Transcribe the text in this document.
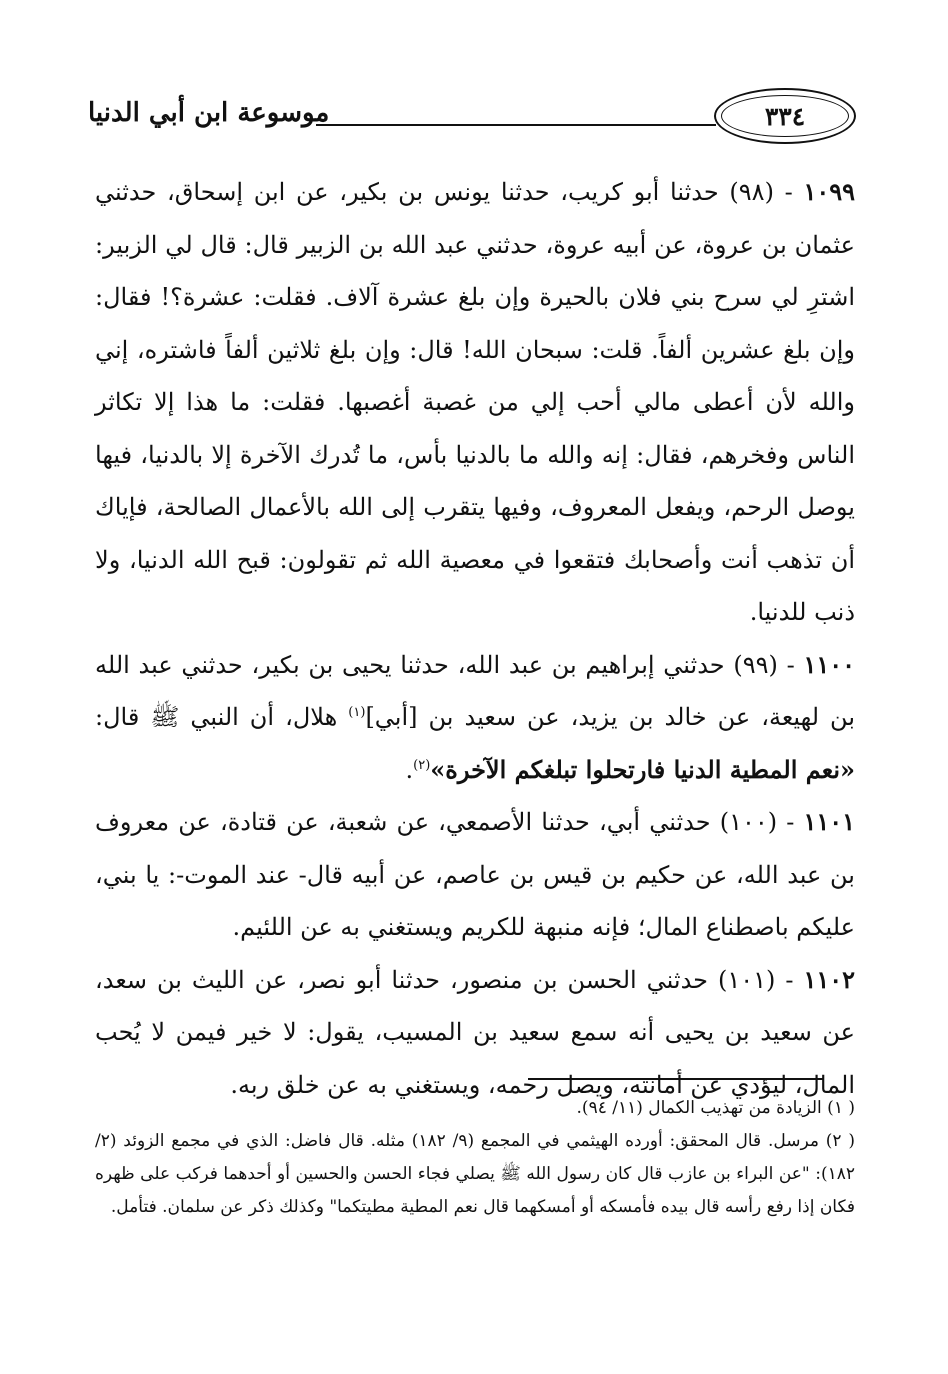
موسوعة ابن أبي الدنيا	٣٣٤

١٠٩٩ - (٩٨) حدثنا أبو كريب، حدثنا يونس بن بكير، عن ابن إسحاق، حدثني عثمان بن عروة، عن أبيه عروة، حدثني عبد الله بن الزبير قال: قال لي الزبير: اشترِ لي سرح بني فلان بالحيرة وإن بلغ عشرة آلاف. فقلت: عشرة؟! فقال: وإن بلغ عشرين ألفاً. قلت: سبحان الله! قال: وإن بلغ ثلاثين ألفاً فاشتره، إني والله لأن أعطى مالي أحب إلي من غصبة أغصبها. فقلت: ما هذا إلا تكاثر الناس وفخرهم، فقال: إنه والله ما بالدنيا بأس، ما تُدرك الآخرة إلا بالدنيا، فيها يوصل الرحم، ويفعل المعروف، وفيها يتقرب إلى الله بالأعمال الصالحة، فإياك أن تذهب أنت وأصحابك فتقعوا في معصية الله ثم تقولون: قبح الله الدنيا، ولا ذنب للدنيا.

١١٠٠ - (٩٩) حدثني إبراهيم بن عبد الله، حدثنا يحيى بن بكير، حدثني عبد الله بن لهيعة، عن خالد بن يزيد، عن سعيد بن [أبي]$^{(١)}$ هلال، أن النبي ﷺ قال: «نعم المطية الدنيا فارتحلوا تبلغكم الآخرة»$^{(٢)}$.

١١٠١ - (١٠٠) حدثني أبي، حدثنا الأصمعي، عن شعبة، عن قتادة، عن معروف بن عبد الله، عن حكيم بن قيس بن عاصم، عن أبيه قال- عند الموت-: يا بني، عليكم باصطناع المال؛ فإنه منبهة للكريم ويستغني به عن اللئيم.

١١٠٢ - (١٠١) حدثني الحسن بن منصور، حدثنا أبو نصر، عن الليث بن سعد، عن سعيد بن يحيى أنه سمع سعيد بن المسيب، يقول: لا خير فيمن لا يُحب المال، ليؤدي عن أمانته، ويصل رحمه، ويستغني به عن خلق ربه.

( ١) الزيادة من تهذيب الكمال (١١/ ٩٤).

( ٢) مرسل. قال المحقق: أورده الهيثمي في المجمع (٩/ ١٨٢) مثله. قال فاضل: الذي في مجمع الزوئد (٢/ ١٨٢): "عن البراء بن عازب قال كان رسول الله ﷺ يصلي فجاء الحسن والحسين أو أحدهما فركب على ظهره فكان إذا رفع رأسه قال بيده فأمسكه أو أمسكهما قال نعم المطية مطيتكما" وكذلك ذكر عن سلمان. فتأمل.
